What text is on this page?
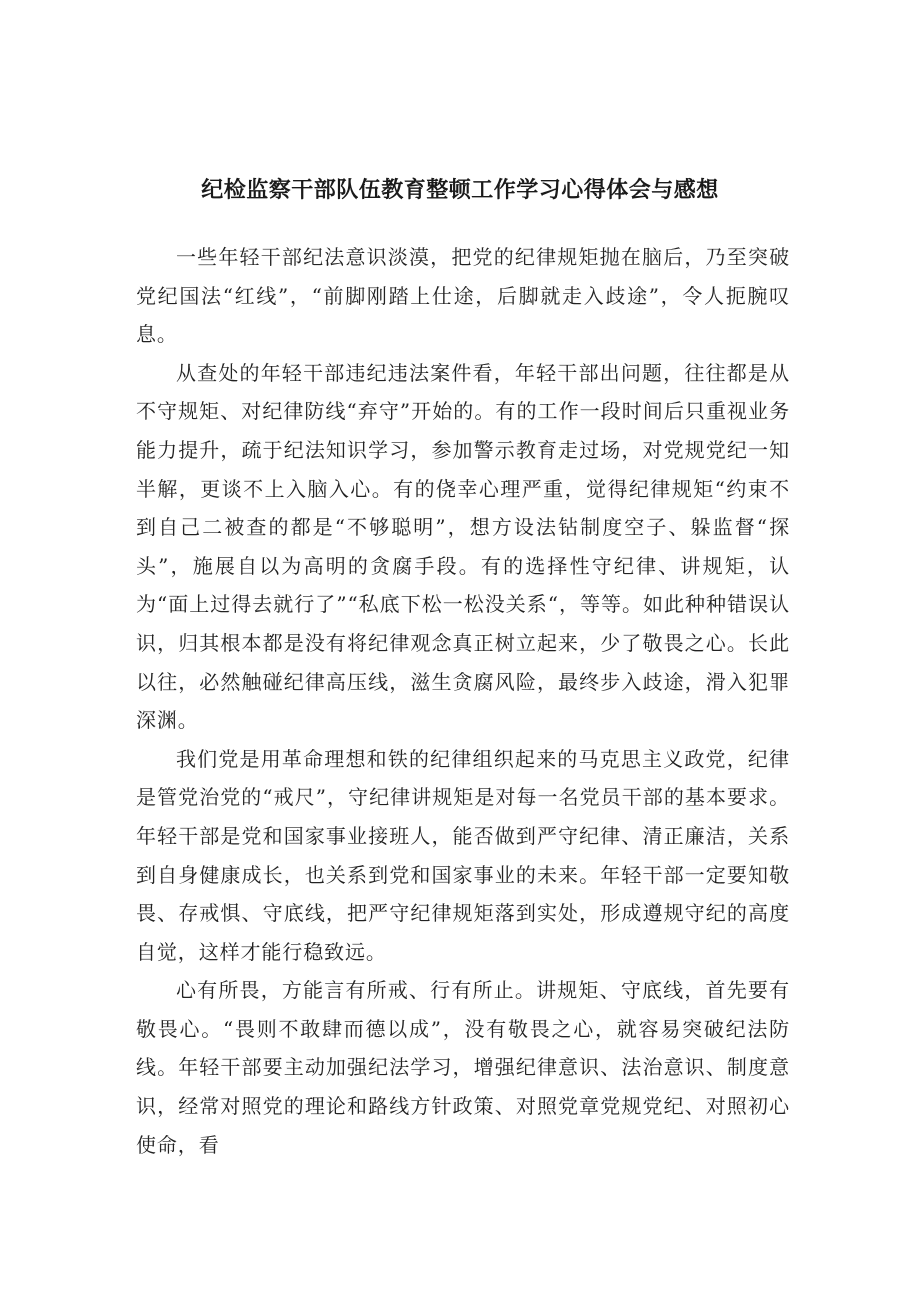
纪检监察干部队伍教育整顿工作学习心得体会与感想

一些年轻干部纪法意识淡漠，把党的纪律规矩抛在脑后，乃至突破党纪国法“红线”，“前脚刚踏上仕途，后脚就走入歧途”，令人扼腕叹息。

从查处的年轻干部违纪违法案件看，年轻干部出问题，往往都是从不守规矩、对纪律防线“弃守”开始的。有的工作一段时间后只重视业务能力提升，疏于纪法知识学习，参加警示教育走过场，对党规党纪一知半解，更谈不上入脑入心。有的侥幸心理严重，觉得纪律规矩“约束不到自己二被查的都是“不够聪明”，想方设法钻制度空子、躲监督“探头”，施展自以为高明的贪腐手段。有的选择性守纪律、讲规矩，认为“面上过得去就行了”“私底下松一松没关系“，等等。如此种种错误认识，归其根本都是没有将纪律观念真正树立起来，少了敬畏之心。长此以往，必然触碰纪律高压线，滋生贪腐风险，最终步入歧途，滑入犯罪深渊。

我们党是用革命理想和铁的纪律组织起来的马克思主义政党，纪律是管党治党的“戒尺”，守纪律讲规矩是对每一名党员干部的基本要求。年轻干部是党和国家事业接班人，能否做到严守纪律、清正廉洁，关系到自身健康成长，也关系到党和国家事业的未来。年轻干部一定要知敬畏、存戒惧、守底线，把严守纪律规矩落到实处，形成遵规守纪的高度自觉，这样才能行稳致远。

心有所畏，方能言有所戒、行有所止。讲规矩、守底线，首先要有敬畏心。“畏则不敢肆而德以成”，没有敬畏之心，就容易突破纪法防线。年轻干部要主动加强纪法学习，增强纪律意识、法治意识、制度意识，经常对照党的理论和路线方针政策、对照党章党规党纪、对照初心使命，看
